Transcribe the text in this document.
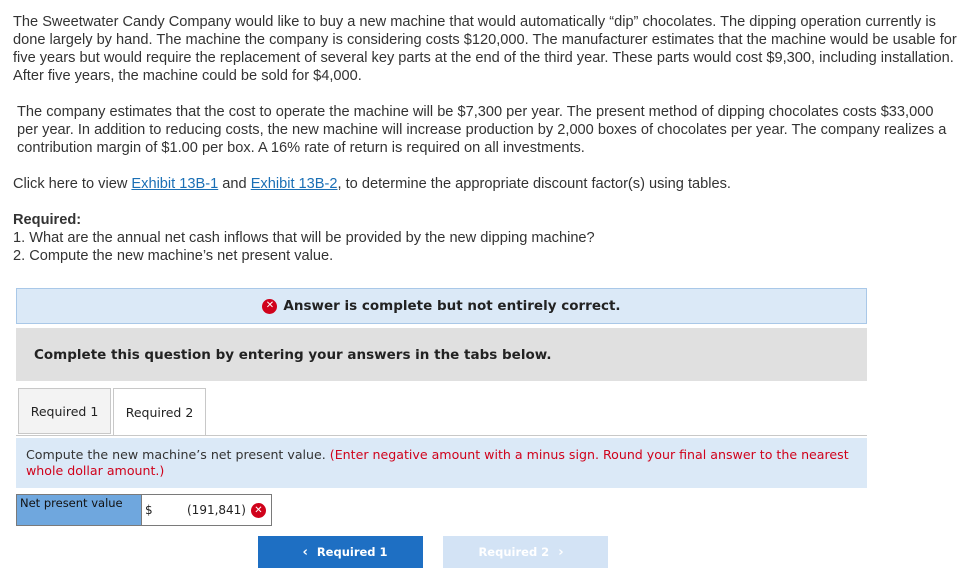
The Sweetwater Candy Company would like to buy a new machine that would automatically “dip” chocolates. The dipping operation currently is done largely by hand. The machine the company is considering costs $120,000. The manufacturer estimates that the machine would be usable for five years but would require the replacement of several key parts at the end of the third year. These parts would cost $9,300, including installation. After five years, the machine could be sold for $4,000.

The company estimates that the cost to operate the machine will be $7,300 per year. The present method of dipping chocolates costs $33,000 per year. In addition to reducing costs, the new machine will increase production by 2,000 boxes of chocolates per year. The company realizes a contribution margin of $1.00 per box. A 16% rate of return is required on all investments.

Click here to view Exhibit 13B-1 and Exhibit 13B-2, to determine the appropriate discount factor(s) using tables.

Required:

1. What are the annual net cash inflows that will be provided by the new dipping machine?

2. Compute the new machine’s net present value.

✕ Answer is complete but not entirely correct.
Complete this question by entering your answers in the tabs below.
Required 1	Required 2
Compute the new machine’s net present value. (Enter negative amount with a minus sign. Round your final answer to the nearest whole dollar amount.)
Net present value	$	(191,841) ✕
‹ Required 1	Required 2 ›
